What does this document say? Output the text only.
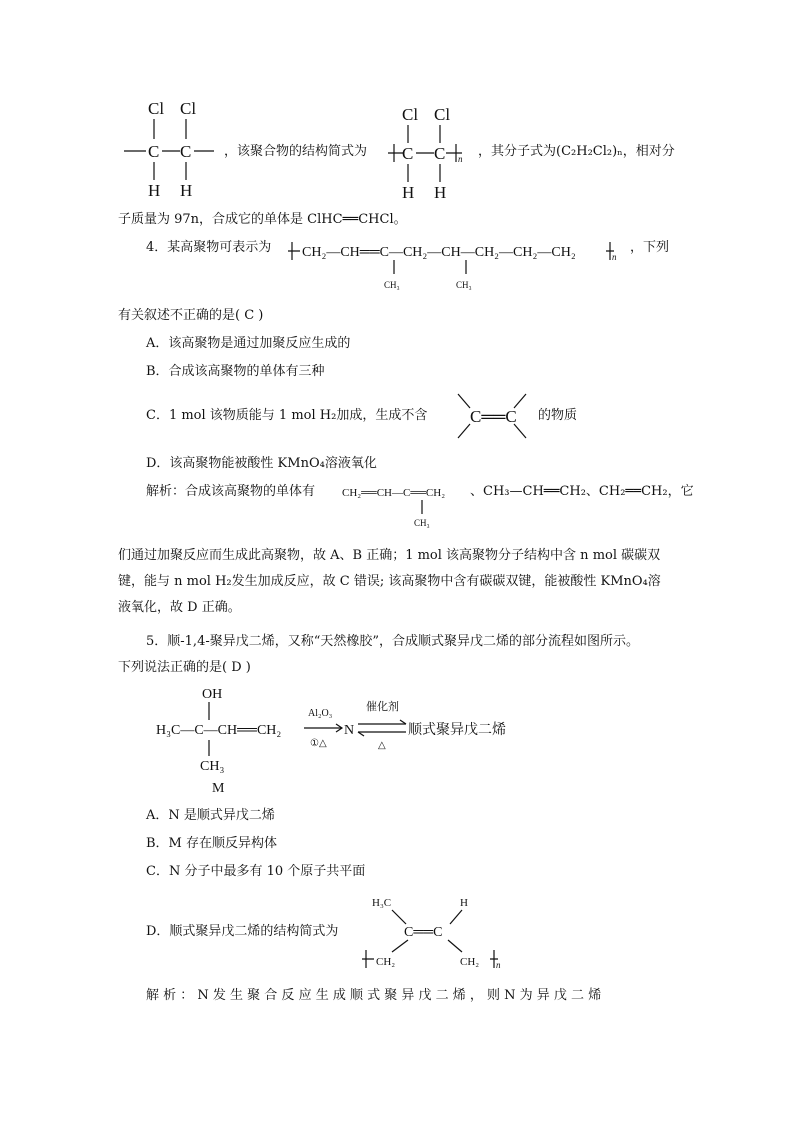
Cl Cl
C C
H H
，该聚合物的结构简式为
Cl Cl
C C n
H H
，其分子式为(C₂H₂Cl₂)ₙ，相对分
子质量为 97n，合成它的单体是 ClHC══CHCl。
4．某高聚物可表示为 CH₂—CH══C—CH₂—CH—CH₂—CH₂—CH₂	n
CH₃	CH₃
，下列
有关叙述不正确的是( C )
A．该高聚物是通过加聚反应生成的
B．合成该高聚物的单体有三种
C．1 mol 该物质能与 1 mol H₂加成，生成不含	C══C 的物质
D．该高聚物能被酸性 KMnO₄溶液氧化
解析：合成该高聚物的单体有 CH₂══CH—C══CH₂
CH₃
、CH₃—CH══CH₂、CH₂══CH₂，它
们通过加聚反应而生成此高聚物，故 A、B 正确；1 mol 该高聚物分子结构中含 n mol 碳碳双
键，能与 n mol H₂发生加成反应，故 C 错误; 该高聚物中含有碳碳双键，能被酸性 KMnO₄溶
液氧化，故 D 正确。
5．顺-1,4-聚异戊二烯，又称“天然橡胶”，合成顺式聚异戊二烯的部分流程如图所示。
下列说法正确的是( D )
OH
H₃C—C—CH══CH₂
CH₃
M
Al₂O₃
①△
N
催化剂
△
顺式聚异戊二烯
A．N 是顺式异戊二烯
B．M 存在顺反异构体
C．N 分子中最多有 10 个原子共平面
D．顺式聚异戊二烯的结构简式为
H₃C	H
C══C
CH₂	CH₂ n
解 析 ： N 发 生 聚 合 反 应 生 成 顺 式 聚 异 戊 二 烯 ， 则 N 为 异 戊 二 烯
